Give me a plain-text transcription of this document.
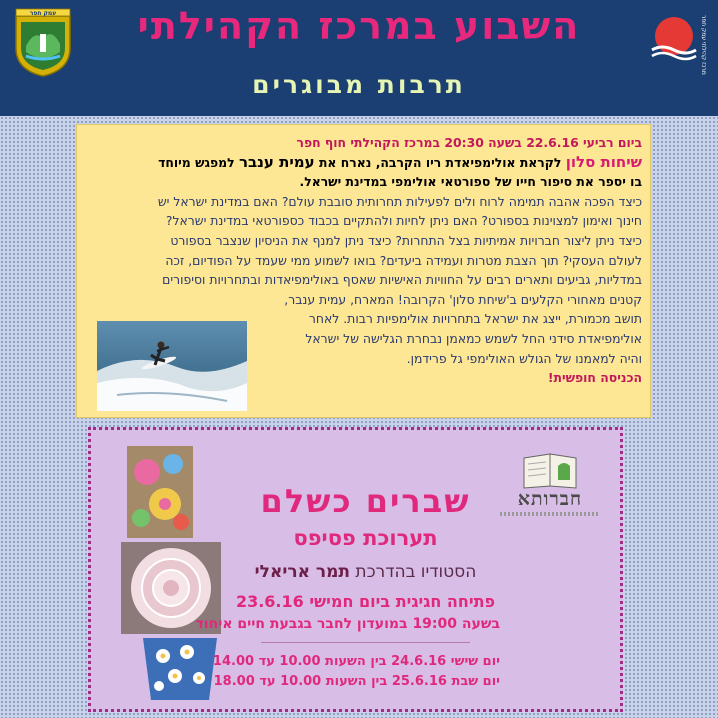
עמק חפר	השבוע במרכז הקהילתי
תרבות מבוגרים
מרכז קהילתי עמק חפר
ביום רביעי 22.6.16 בשעה 20:30 במרכז הקהילתי חוף חפר
שיחות סלון לקראת אולימפיאדת ריו הקרבה, נארח את עמית ענבר למפגש מיוחד
בו יספר את סיפור חייו של ספורטאי אולימפי במדינת ישראל.
כיצד הפכה אהבה תמימה לרוח ולים לפעילות תחרותית סובבת עולם? האם במדינת ישראל יש
חינוך ואימון למצוינות בספורט? האם ניתן לחיות ולהתקיים בכבוד כספורטאי במדינת ישראל?
כיצד ניתן ליצור חברויות אמיתיות בצל התחרות? כיצד ניתן למנף את הניסיון שנצבר בספורט
לעולם העסקי? תוך הצבת מטרות ועמידה ביעדים? בואו לשמוע ממי שעמד על הפודיום, זכה
במדליות, גביעים ותארים רבים על החוויות האישיות שאסף באולימפיאדות ובתחרויות וסיפורים
קטנים מאחורי הקלעים ב'שיחת סלון' הקרובה! המארח, עמית ענבר,
תושב מכמורת, ייצג את ישראל בתחרויות אולימפיות רבות. לאחר
אולימפיאדת סידני החל לשמש כמאמן נבחרת הגלישה של ישראל
והיה למאמנו של הגולש האולימפי גל פרידמן.
הכניסה חופשית!
חברותא
שברים כשלם
תערוכת פסיפס
הסטודיו בהדרכת תמר אריאלי
פתיחה חגיגית ביום חמישי 23.6.16
בשעה 19:00 במועדון לחבר בגבעת חיים איחוד
יום שישי 24.6.16 בין השעות 10.00 עד 14.00
יום שבת 25.6.16 בין השעות 10.00 עד 18.00
